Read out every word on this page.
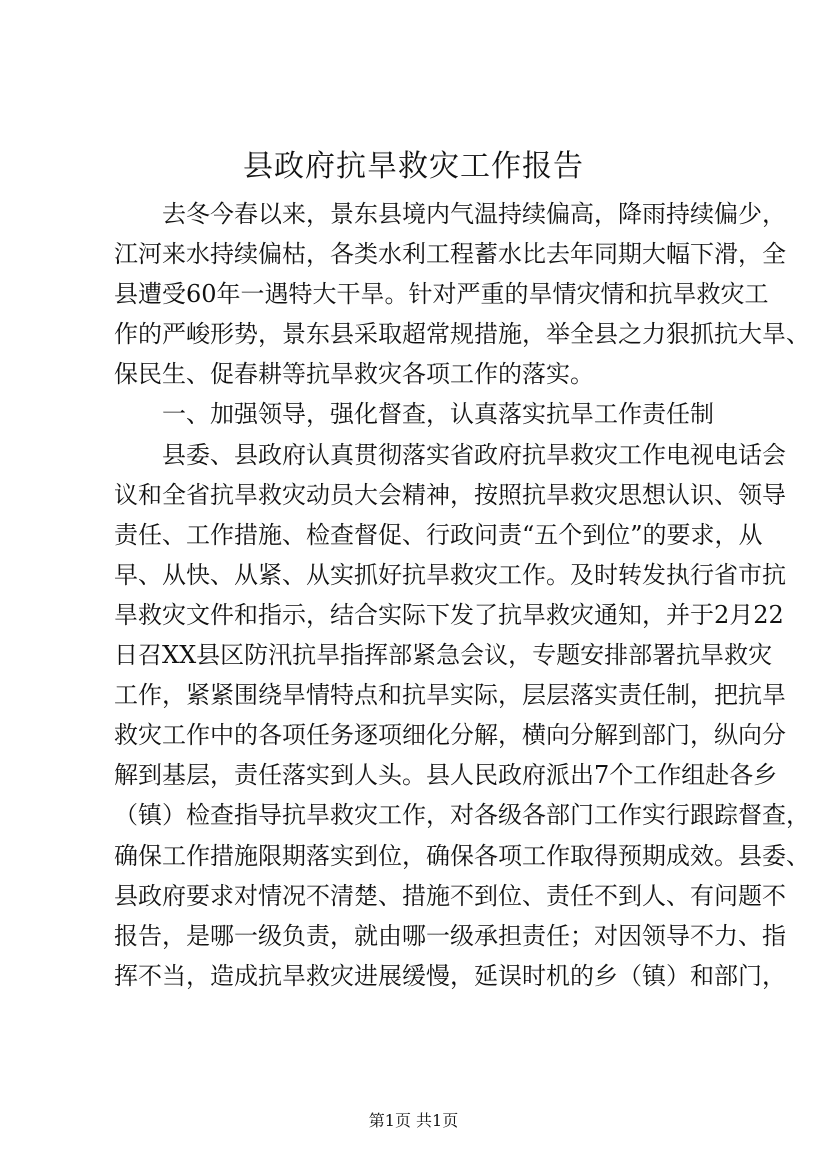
县政府抗旱救灾工作报告
去冬今春以来，景东县境内气温持续偏高，降雨持续偏少，
江河来水持续偏枯，各类水利工程蓄水比去年同期大幅下滑，全
县遭受60年一遇特大干旱。针对严重的旱情灾情和抗旱救灾工
作的严峻形势，景东县采取超常规措施，举全县之力狠抓抗大旱、
保民生、促春耕等抗旱救灾各项工作的落实。
一、加强领导，强化督查，认真落实抗旱工作责任制
县委、县政府认真贯彻落实省政府抗旱救灾工作电视电话会
议和全省抗旱救灾动员大会精神，按照抗旱救灾思想认识、领导
责任、工作措施、检查督促、行政问责“五个到位”的要求，从
早、从快、从紧、从实抓好抗旱救灾工作。及时转发执行省市抗
旱救灾文件和指示，结合实际下发了抗旱救灾通知，并于2月22
日召XX县区防汛抗旱指挥部紧急会议，专题安排部署抗旱救灾
工作，紧紧围绕旱情特点和抗旱实际，层层落实责任制，把抗旱
救灾工作中的各项任务逐项细化分解，横向分解到部门，纵向分
解到基层，责任落实到人头。县人民政府派出7个工作组赴各乡
（镇）检查指导抗旱救灾工作，对各级各部门工作实行跟踪督查，
确保工作措施限期落实到位，确保各项工作取得预期成效。县委、
县政府要求对情况不清楚、措施不到位、责任不到人、有问题不
报告，是哪一级负责，就由哪一级承担责任；对因领导不力、指
挥不当，造成抗旱救灾进展缓慢，延误时机的乡（镇）和部门，
第1页 共1页
